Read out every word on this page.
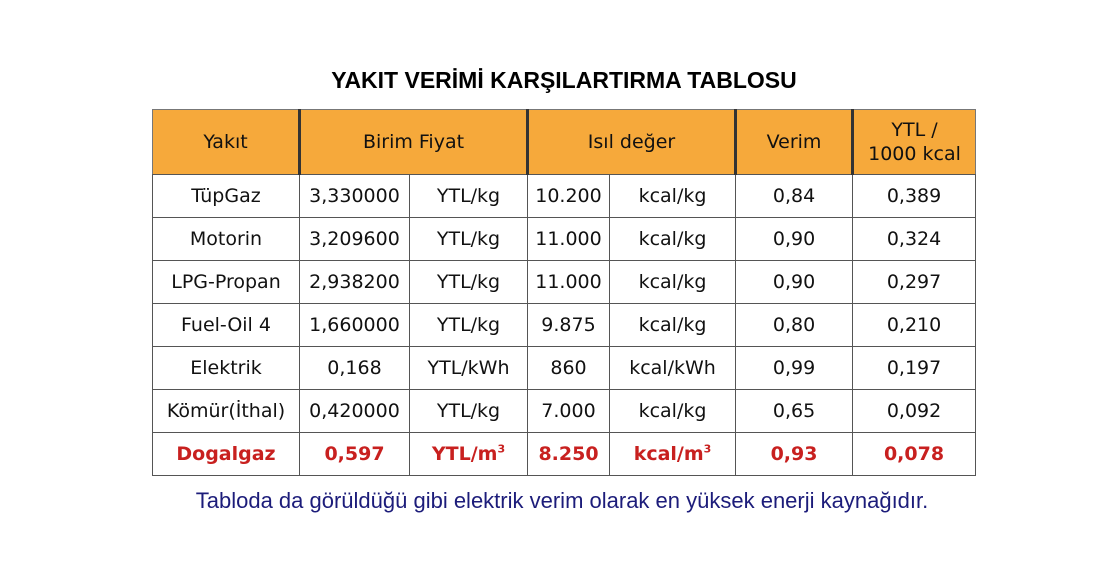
YAKIT VERİMİ KARŞILARTIRMA TABLOSU
Yakıt	Birim Fiyat		Isıl değer		Verim	YTL /
1000 kcal
TüpGaz	3,330000	YTL/kg	10.200	kcal/kg	0,84	0,389
Motorin	3,209600	YTL/kg	11.000	kcal/kg	0,90	0,324
LPG-Propan	2,938200	YTL/kg	11.000	kcal/kg	0,90	0,297
Fuel-Oil 4	1,660000	YTL/kg	9.875	kcal/kg	0,80	0,210
Elektrik	0,168	YTL/kWh	860	kcal/kWh	0,99	0,197
Kömür(İthal)	0,420000	YTL/kg	7.000	kcal/kg	0,65	0,092
Dogalgaz	0,597	YTL/$m^3$	8.250	kcal/$m^3$	0,93	0,078
Tabloda da görüldüğü gibi elektrik verim olarak en yüksek enerji kaynağıdır.
